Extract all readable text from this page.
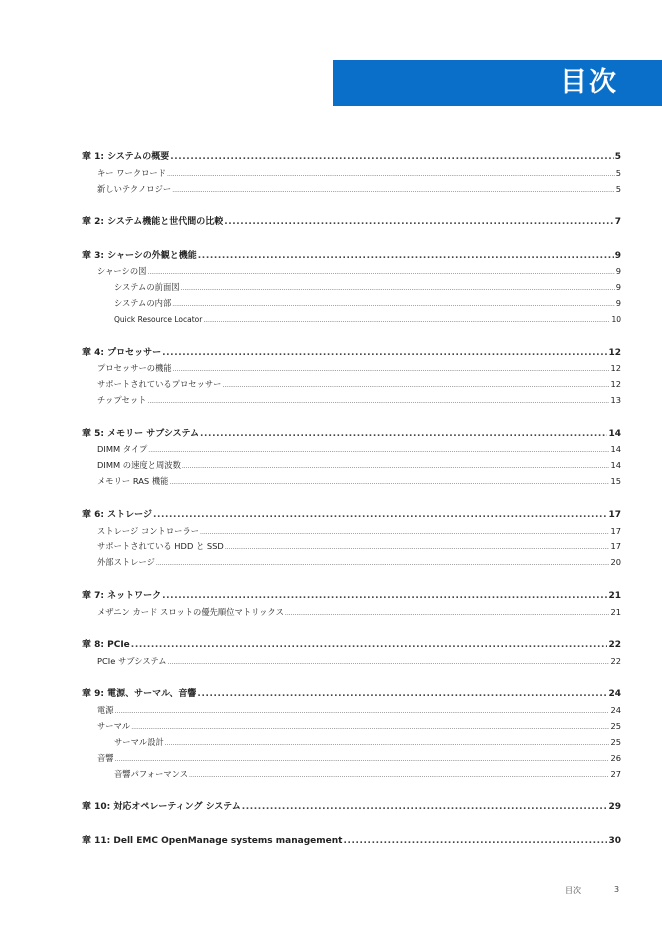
目次
章 1: システムの概要 .....	5
キー ワークロード .....	5
新しいテクノロジー .....	5
章 2: システム機能と世代間の比較 .....	7
章 3: シャーシの外観と機能 .....	9
シャーシの図 .....	9
システムの前面図 .....	9
システムの内部 .....	9
Quick Resource Locator .....	10
章 4: プロセッサー .....	12
プロセッサーの機能 .....	12
サポートされているプロセッサー .....	12
チップセット .....	13
章 5: メモリー サブシステム .....	14
DIMM タイプ .....	14
DIMM の速度と周波数 .....	14
メモリー RAS 機能 .....	15
章 6: ストレージ .....	17
ストレージ コントローラー .....	17
サポートされている HDD と SSD .....	17
外部ストレージ .....	20
章 7: ネットワーク .....	21
メザニン カード スロットの優先順位マトリックス .....	21
章 8: PCIe .....	22
PCIe サブシステム .....	22
章 9: 電源、サーマル、音響 .....	24
電源 .....	24
サーマル .....	25
サーマル設計 .....	25
音響 .....	26
音響パフォーマンス .....	27
章 10: 対応オペレーティング システム .....	29
章 11: Dell EMC OpenManage systems management .....	30
目次	3
